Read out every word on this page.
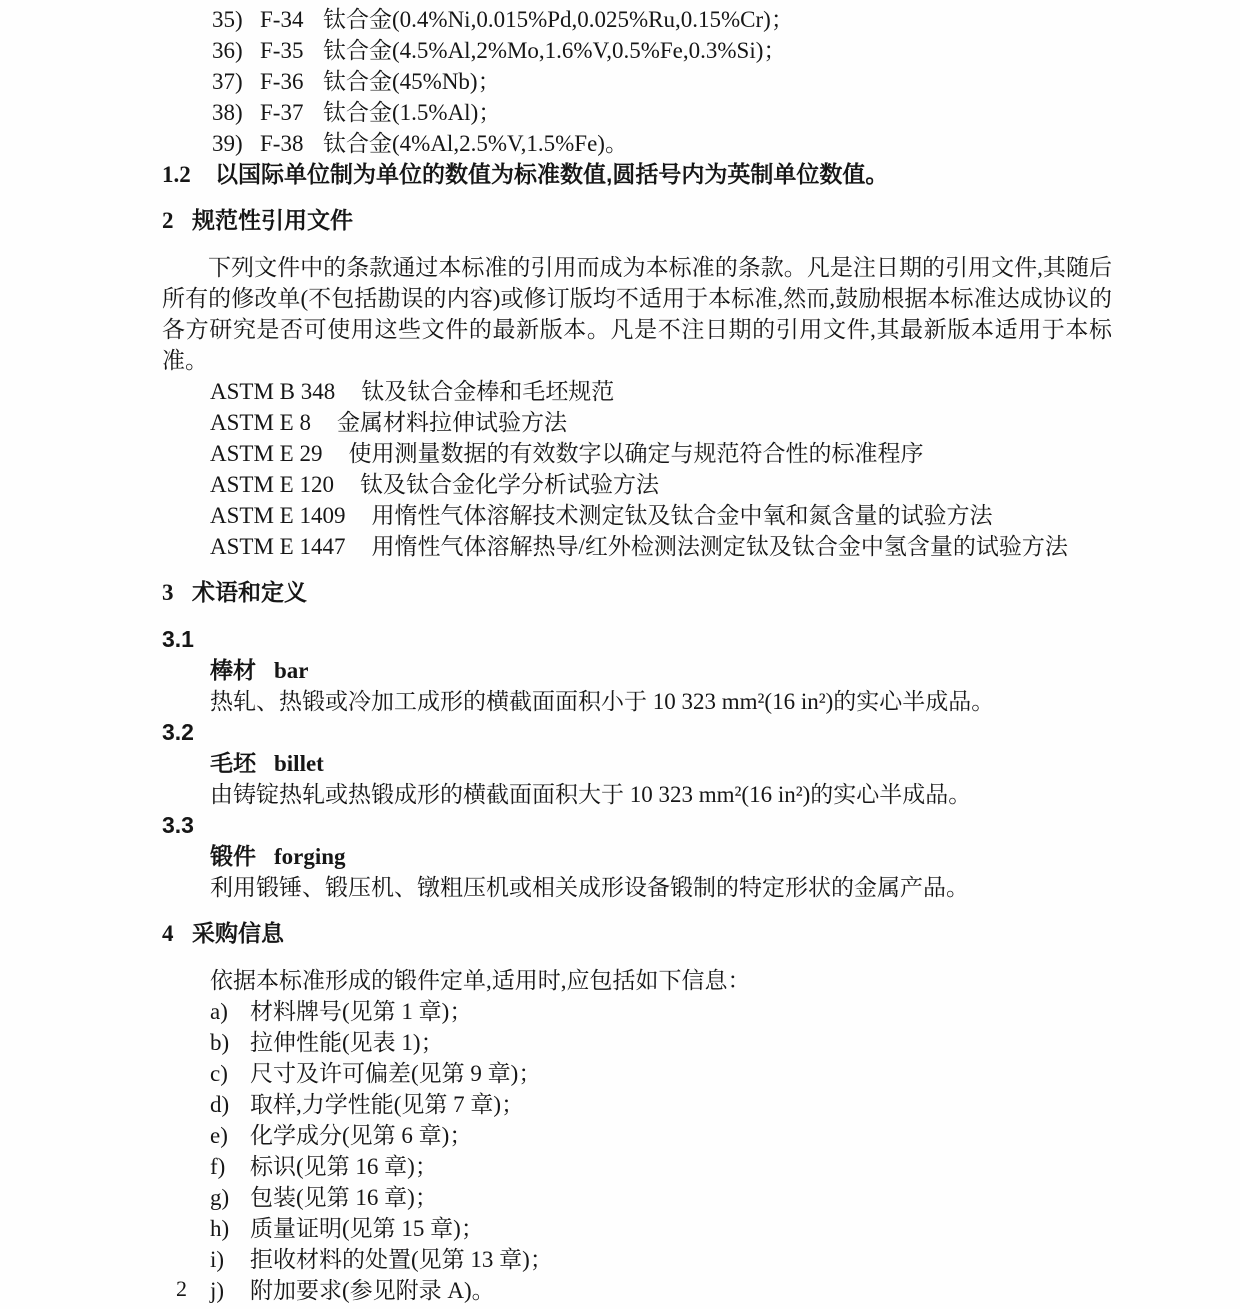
35) F-34 钛合金(0.4%Ni,0.015%Pd,0.025%Ru,0.15%Cr)；
36) F-35 钛合金(4.5%Al,2%Mo,1.6%V,0.5%Fe,0.3%Si)；
37) F-36 钛合金(45%Nb)；
38) F-37 钛合金(1.5%Al)；
39) F-38 钛合金(4%Al,2.5%V,1.5%Fe)。
1.2	以国际单位制为单位的数值为标准数值,圆括号内为英制单位数值。
2 规范性引用文件

下列文件中的条款通过本标准的引用而成为本标准的条款。凡是注日期的引用文件,其随后所有的修改单(不包括勘误的内容)或修订版均不适用于本标准,然而,鼓励根据本标准达成协议的各方研究是否可使用这些文件的最新版本。凡是不注日期的引用文件,其最新版本适用于本标准。

ASTM B 348 钛及钛合金棒和毛坯规范
ASTM E 8 金属材料拉伸试验方法
ASTM E 29 使用测量数据的有效数字以确定与规范符合性的标准程序
ASTM E 120 钛及钛合金化学分析试验方法
ASTM E 1409 用惰性气体溶解技术测定钛及钛合金中氧和氮含量的试验方法
ASTM E 1447 用惰性气体溶解热导/红外检测法测定钛及钛合金中氢含量的试验方法
3 术语和定义
3.1
棒材 bar
热轧、热锻或冷加工成形的横截面面积小于 10 323 mm²(16 in²)的实心半成品。
3.2
毛坯 billet
由铸锭热轧或热锻成形的横截面面积大于 10 323 mm²(16 in²)的实心半成品。
3.3
锻件 forging
利用锻锤、锻压机、镦粗压机或相关成形设备锻制的特定形状的金属产品。
4 采购信息

依据本标准形成的锻件定单,适用时,应包括如下信息：

a) 材料牌号(见第 1 章)；
b) 拉伸性能(见表 1)；
c) 尺寸及许可偏差(见第 9 章)；
d) 取样,力学性能(见第 7 章)；
e) 化学成分(见第 6 章)；
f)	标识(见第 16 章)；
g) 包装(见第 16 章)；
h) 质量证明(见第 15 章)；
i)	拒收材料的处置(见第 13 章)；
j)	附加要求(参见附录 A)。
2
